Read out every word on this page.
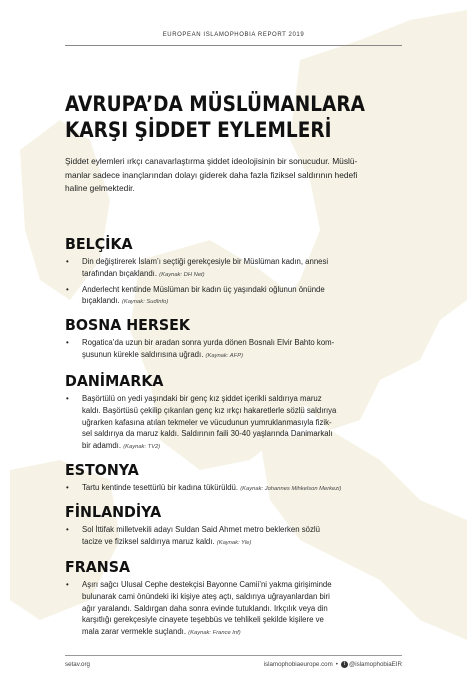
EUROPEAN ISLAMOPHOBIA REPORT 2019
AVRUPA’DA MÜSLÜMANLARA
KARŞI ŞİDDET EYLEMLERİ
Şiddet eylemleri ırkçı canavarlaştırma şiddet ideolojisinin bir sonucudur. Müslü-
manlar sadece inançlarından dolayı giderek daha fazla fiziksel saldırının hedefi
haline gelmektedir.
BELÇİKA
• Din değiştirerek İslam’ı seçtiği gerekçesiyle bir Müslüman kadın, annesi
tarafından bıçaklandı. (Kaynak: DH Net)
• Anderlecht kentinde Müslüman bir kadın üç yaşındaki oğlunun önünde
bıçaklandı. (Kaynak: SudInfo)
BOSNA HERSEK
• Rogatica’da uzun bir aradan sonra yurda dönen Bosnalı Elvir Bahto kom-
şusunun kürekle saldırısına uğradı. (Kaynak: AFP)
DANİMARKA
• Başörtülü on yedi yaşındaki bir genç kız şiddet içerikli saldırıya maruz
kaldı. Başörtüsü çekilip çıkarılan genç kız ırkçı hakaretlerle sözlü saldırıya
uğrarken kafasına atılan tekmeler ve vücudunun yumruklanmasıyla fizik-
sel saldırıya da maruz kaldı. Saldırının faili 30-40 yaşlarında Danimarkalı
bir adamdı. (Kaynak: TV2)
ESTONYA
• Tartu kentinde tesettürlü bir kadına tükürüldü. (Kaynak: Johannes Mihkelson Merkezi)
FİNLANDİYA
• Sol İttifak milletvekili adayı Suldan Said Ahmet metro beklerken sözlü
tacize ve fiziksel saldırıya maruz kaldı. (Kaynak: Yle)
FRANSA
• Aşırı sağcı Ulusal Cephe destekçisi Bayonne Camii’ni yakma girişiminde
bulunarak cami önündeki iki kişiye ateş açtı, saldırıya uğrayanlardan biri
ağır yaralandı. Saldırgan daha sonra evinde tutuklandı. Irkçılık veya din
karşıtlığı gerekçesiyle cinayete teşebbüs ve tehlikeli şekilde kişilere ve
mala zarar vermekle suçlandı. (Kaynak: France Inf)
setav.org	islamophobiaeurope.com • t @islamophobiaEIR
